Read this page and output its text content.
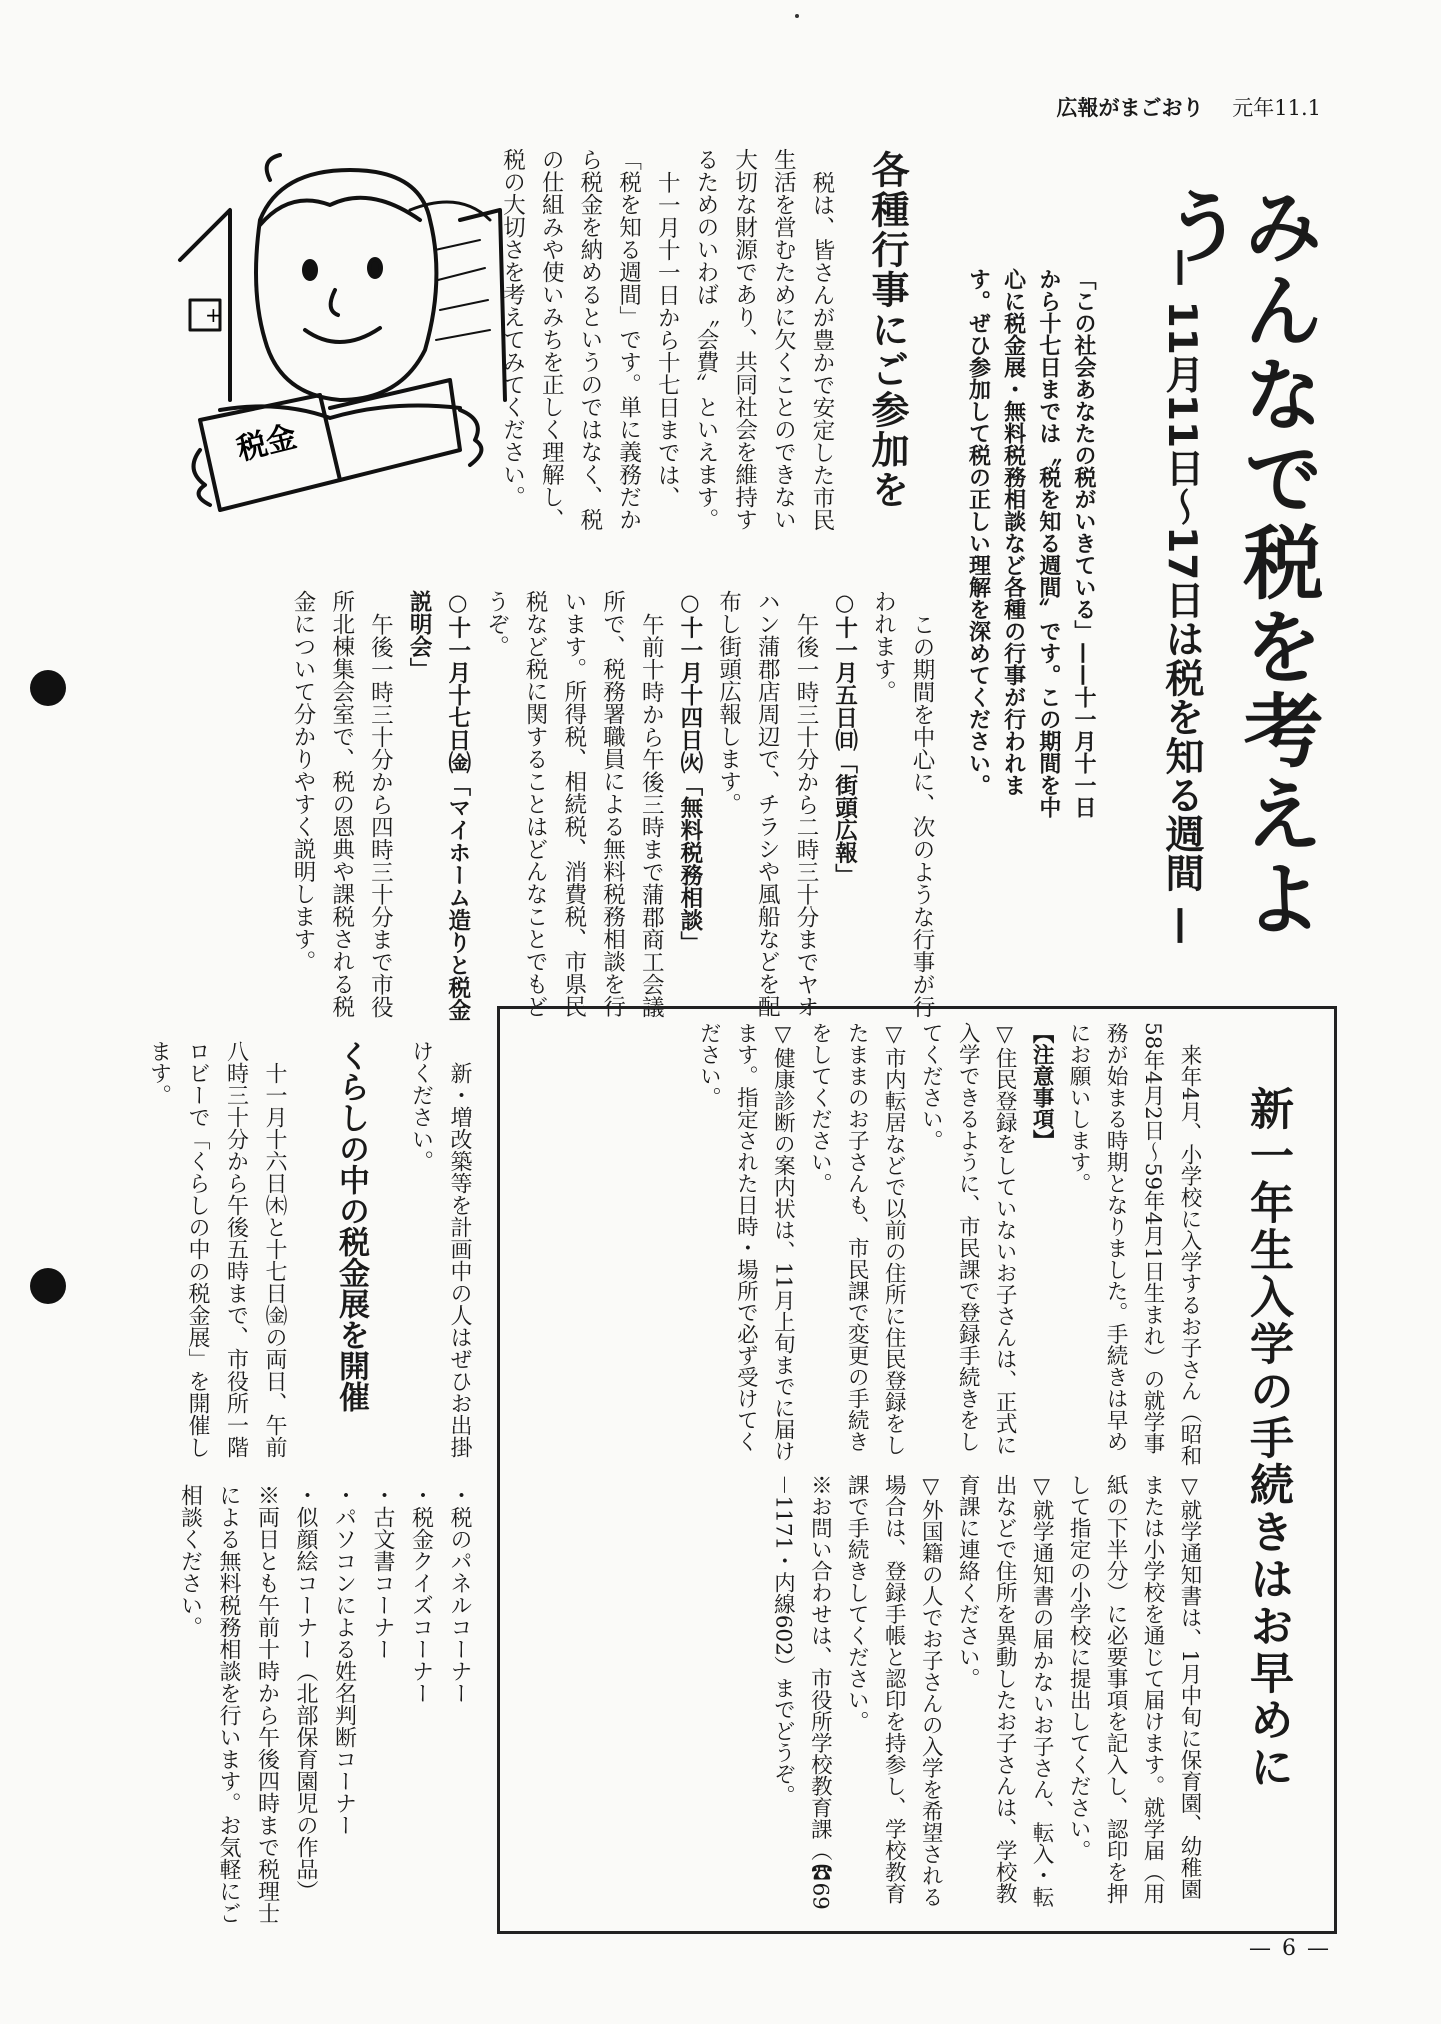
広報がまごおり 元年11.1
みんなで税を考えよう
— 11月11日～17日は税を知る週間 —
「この社会あなたの税がいきている」——十一月十一日から十七日までは〝税を知る週間〟です。この期間を中心に税金展・無料税務相談など各種の行事が行われます。ぜひ参加して税の正しい理解を深めてください。
各種行事にご参加を

税は、皆さんが豊かで安定した市民生活を営むために欠くことのできない大切な財源であり、共同社会を維持するためのいわば〝会費〟といえます。

十一月十一日から十七日までは、「税を知る週間」です。単に義務だから税金を納めるというのではなく、税の仕組みや使いみちを正しく理解し、税の大切さを考えてみてください。

この期間を中心に、次のような行事が行われます。

○十一月五日㈰「街頭広報」

午後一時三十分から二時三十分までヤオハン蒲郡店周辺で、チラシや風船などを配布し街頭広報します。

○十一月十四日㈫「無料税務相談」

午前十時から午後三時まで蒲郡商工会議所で、税務署職員による無料税務相談を行います。所得税、相続税、消費税、市県民税など税に関することはどんなことでもどうぞ。

○十一月十七日㈮「マイホーム造りと税金説明会」

午後一時三十分から四時三十分まで市役所北棟集会室で、税の恩典や課税される税金について分かりやすく説明します。

+
税金
新・増改築等を計画中の人はぜひお出掛けください。
くらしの中の税金展を開催
十一月十六日㈭と十七日㈮の両日、午前八時三十分から午後五時まで、市役所一階ロビーで「くらしの中の税金展」を開催します。

・税のパネルコーナー

・税金クイズコーナー

・古文書コーナー

・パソコンによる姓名判断コーナー

・似顔絵コーナー（北部保育園児の作品）

※両日とも午前十時から午後四時まで税理士による無料税務相談を行います。お気軽にご相談ください。	新一年生入学の手続きはお早めに

来年4月、小学校に入学するお子さん（昭和58年4月2日～59年4月1日生まれ）の就学事務が始まる時期となりました。手続きは早めにお願いします。

【注意事項】

▽住民登録をしていないお子さんは、正式に入学できるように、市民課で登録手続きをしてください。

▽市内転居などで以前の住所に住民登録をしたままのお子さんも、市民課で変更の手続きをしてください。

▽健康診断の案内状は、11月上旬までに届けます。指定された日時・場所で必ず受けてください。

▽就学通知書は、1月中旬に保育園、幼稚園または小学校を通じて届けます。就学届（用紙の下半分）に必要事項を記入し、認印を押して指定の小学校に提出してください。

▽就学通知書の届かないお子さん、転入・転出などで住所を異動したお子さんは、学校教育課に連絡ください。

▽外国籍の人でお子さんの入学を希望される場合は、登録手帳と認印を持参し、学校教育課で手続きしてください。

※お問い合わせは、市役所学校教育課（☎69－1171・内線602）までどうぞ。

— 6 —
